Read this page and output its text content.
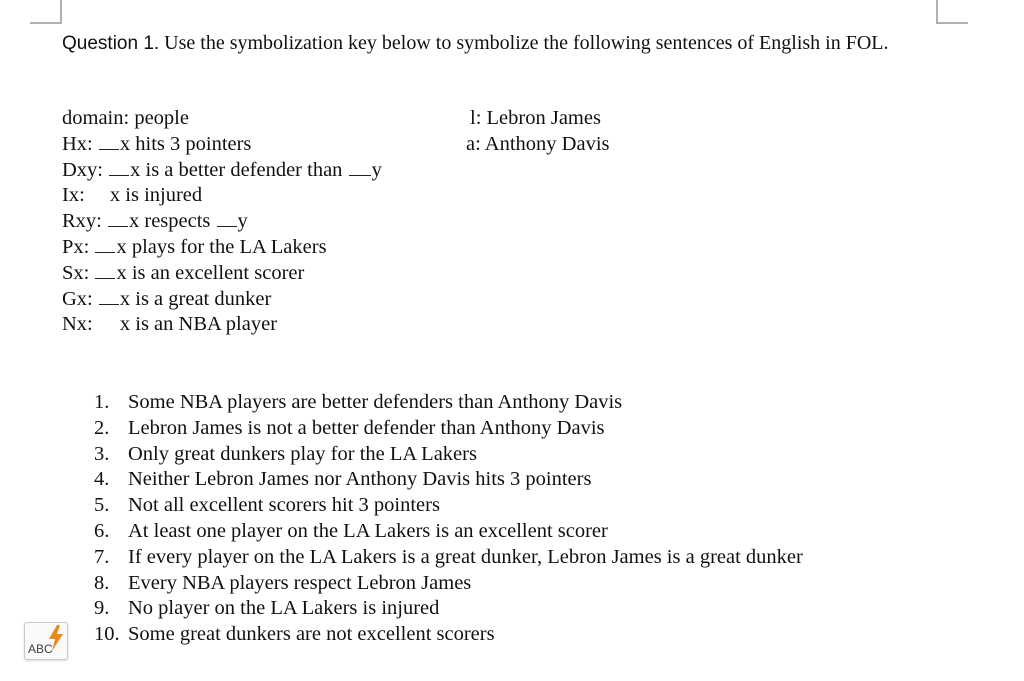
Question 1. Use the symbolization key below to symbolize the following sentences of English in FOL.
domain: people
Hx: x hits 3 pointers
Dxy: x is a better defender than y
Ix: x is injured
Rxy: x respects y
Px: x plays for the LA Lakers
Sx: x is an excellent scorer
Gx: x is a great dunker
Nx: x is an NBA player
l: Lebron James
a: Anthony Davis
1. Some NBA players are better defenders than Anthony Davis
2. Lebron James is not a better defender than Anthony Davis
3. Only great dunkers play for the LA Lakers
4. Neither Lebron James nor Anthony Davis hits 3 pointers
5. Not all excellent scorers hit 3 pointers
6. At least one player on the LA Lakers is an excellent scorer
7. If every player on the LA Lakers is a great dunker, Lebron James is a great dunker
8. Every NBA players respect Lebron James
9. No player on the LA Lakers is injured
10. Some great dunkers are not excellent scorers
ABC
